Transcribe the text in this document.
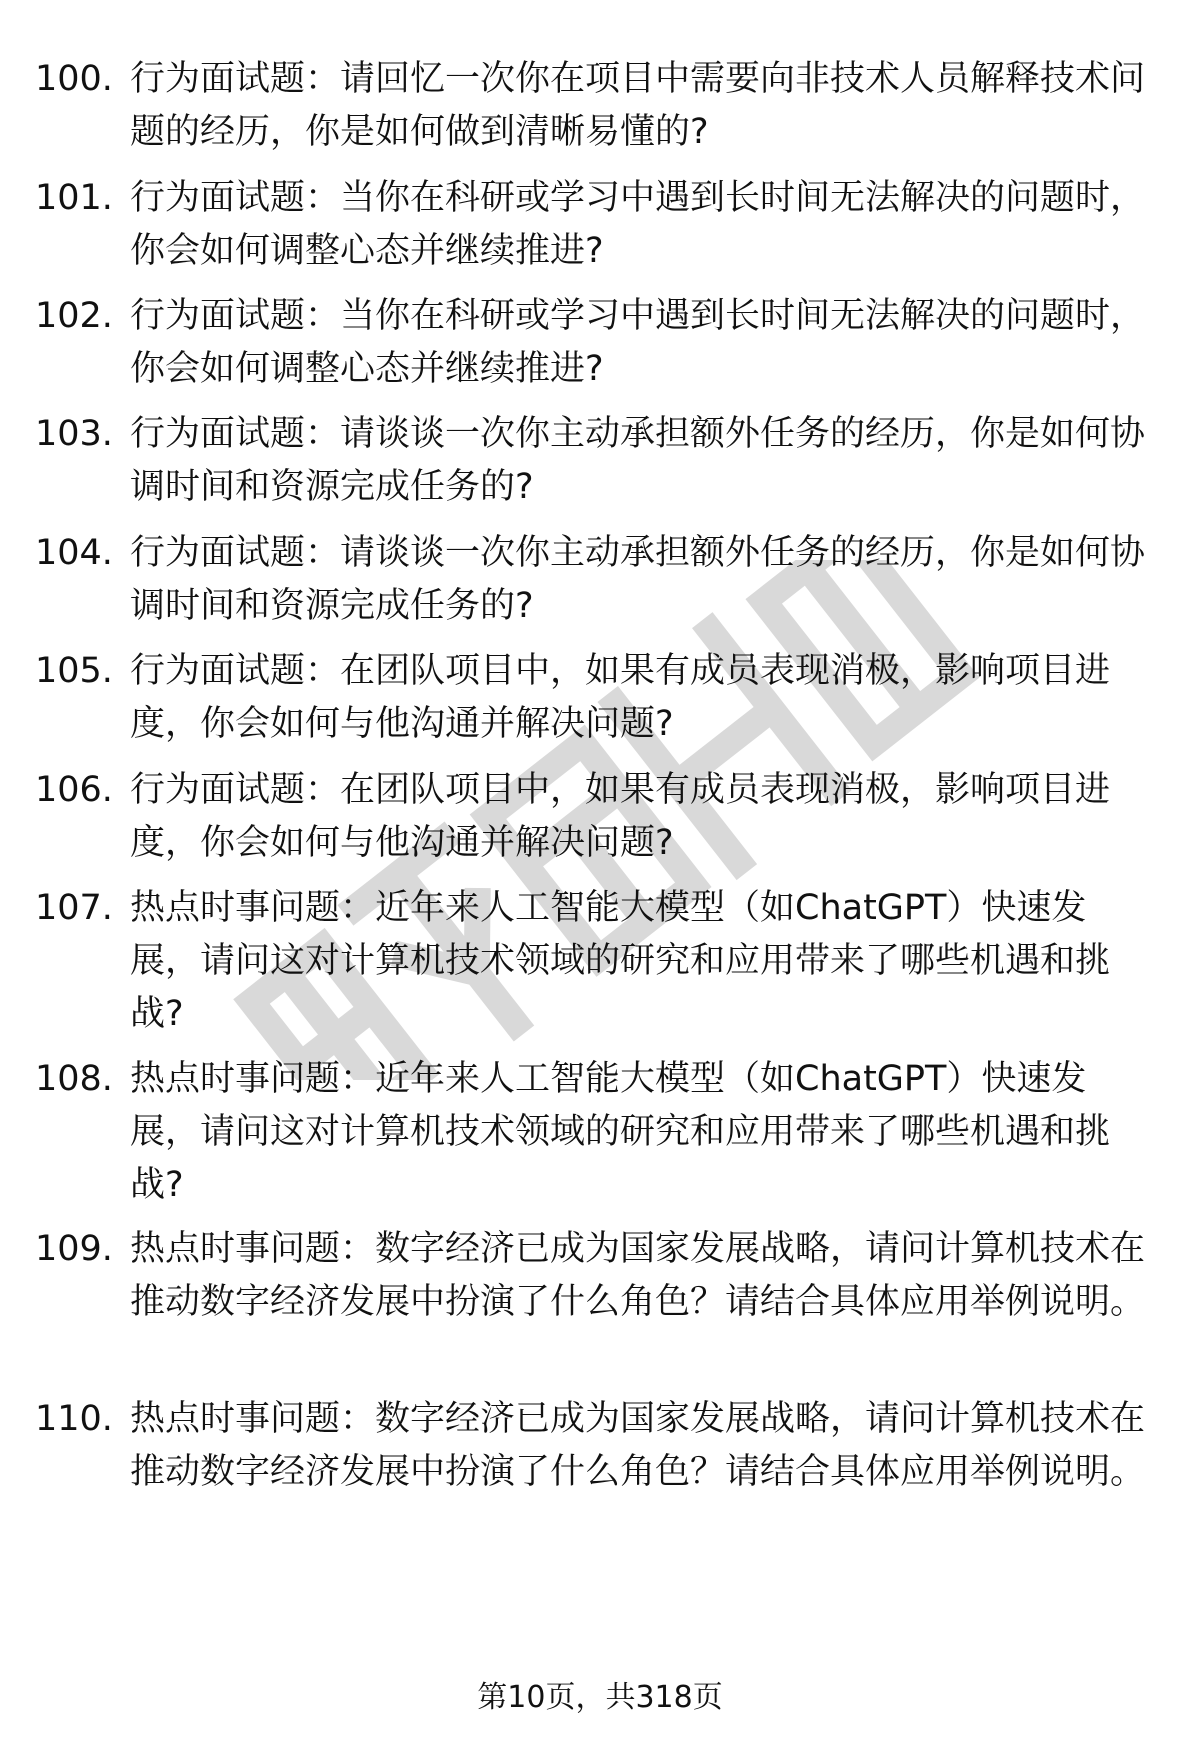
100. 行为面试题：请回忆一次你在项目中需要向非技术人员解释技术问题的经历，你是如何做到清晰易懂的?
101. 行为面试题：当你在科研或学习中遇到长时间无法解决的问题时，你会如何调整心态并继续推进?
102. 行为面试题：当你在科研或学习中遇到长时间无法解决的问题时，你会如何调整心态并继续推进?
103. 行为面试题：请谈谈一次你主动承担额外任务的经历，你是如何协调时间和资源完成任务的?
104. 行为面试题：请谈谈一次你主动承担额外任务的经历，你是如何协调时间和资源完成任务的?
105. 行为面试题：在团队项目中，如果有成员表现消极，影响项目进度，你会如何与他沟通并解决问题?
106. 行为面试题：在团队项目中，如果有成员表现消极，影响项目进度，你会如何与他沟通并解决问题?
107. 热点时事问题：近年来人工智能大模型（如ChatGPT）快速发展，请问这对计算机技术领域的研究和应用带来了哪些机遇和挑战?
108. 热点时事问题：近年来人工智能大模型（如ChatGPT）快速发展，请问这对计算机技术领域的研究和应用带来了哪些机遇和挑战?
109. 热点时事问题：数字经济已成为国家发展战略，请问计算机技术在推动数字经济发展中扮演了什么角色？请结合具体应用举例说明。
110. 热点时事问题：数字经济已成为国家发展战略，请问计算机技术在推动数字经济发展中扮演了什么角色？请结合具体应用举例说明。
第10页，共318页
